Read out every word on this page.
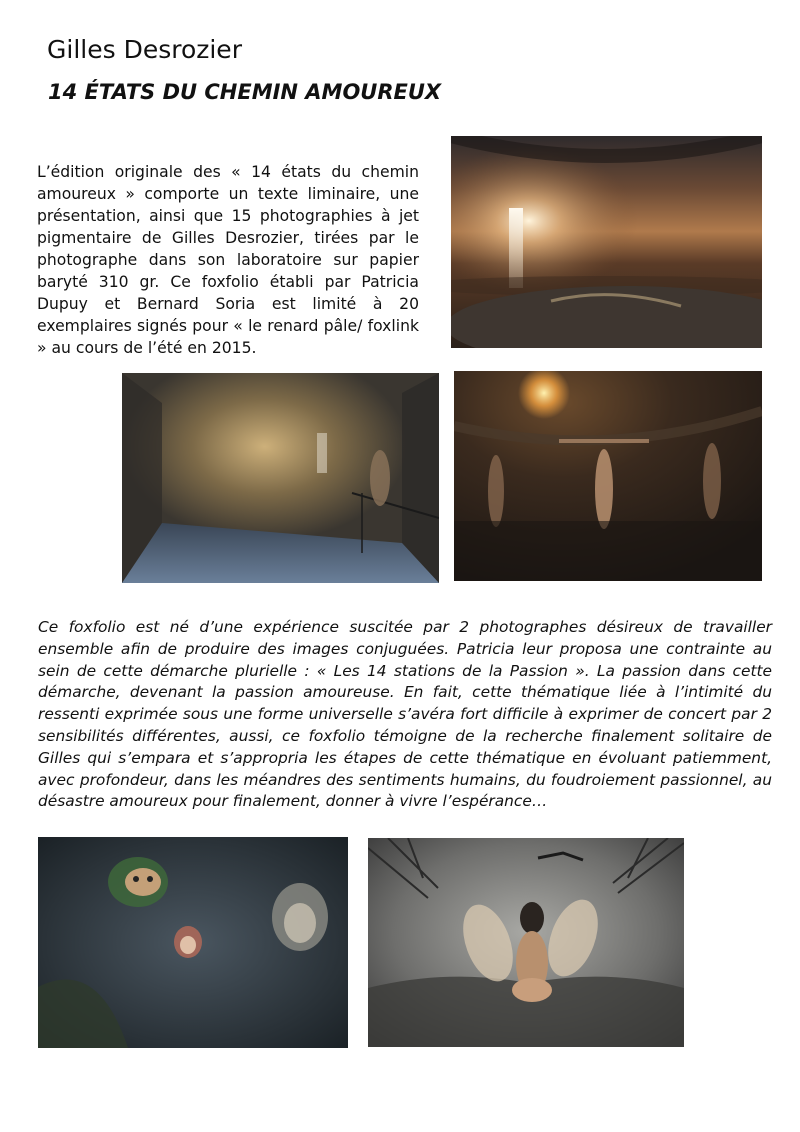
Gilles Desrozier
14 ÉTATS DU CHEMIN AMOUREUX

L’édition originale des « 14 états du chemin amoureux » comporte un texte liminaire, une présentation, ainsi que 15 photographies à jet pigmentaire de Gilles Desrozier, tirées par le photographe dans son laboratoire sur papier baryté 310 gr. Ce foxfolio établi par Patricia Dupuy et Bernard Soria est limité à 20 exemplaires signés pour « le renard pâle/ foxlink » au cours de l’été en 2015.

Ce foxfolio est né d’une expérience suscitée par 2 photographes désireux de travailler ensemble afin de produire des images conjuguées. Patricia leur proposa une contrainte au sein de cette démarche plurielle : « Les 14 stations de la Passion ». La passion dans cette démarche, devenant la passion amoureuse. En fait, cette thématique liée à l’intimité du ressenti exprimée sous une forme universelle s’avéra fort difficile à exprimer de concert par 2 sensibilités différentes, aussi, ce foxfolio témoigne de la recherche finalement solitaire de Gilles qui s’empara et s’appropria les étapes de cette thématique en évoluant patiemment, avec profondeur, dans les méandres des sentiments humains, du foudroiement passionnel, au désastre amoureux pour finalement, donner à vivre l’espérance…
